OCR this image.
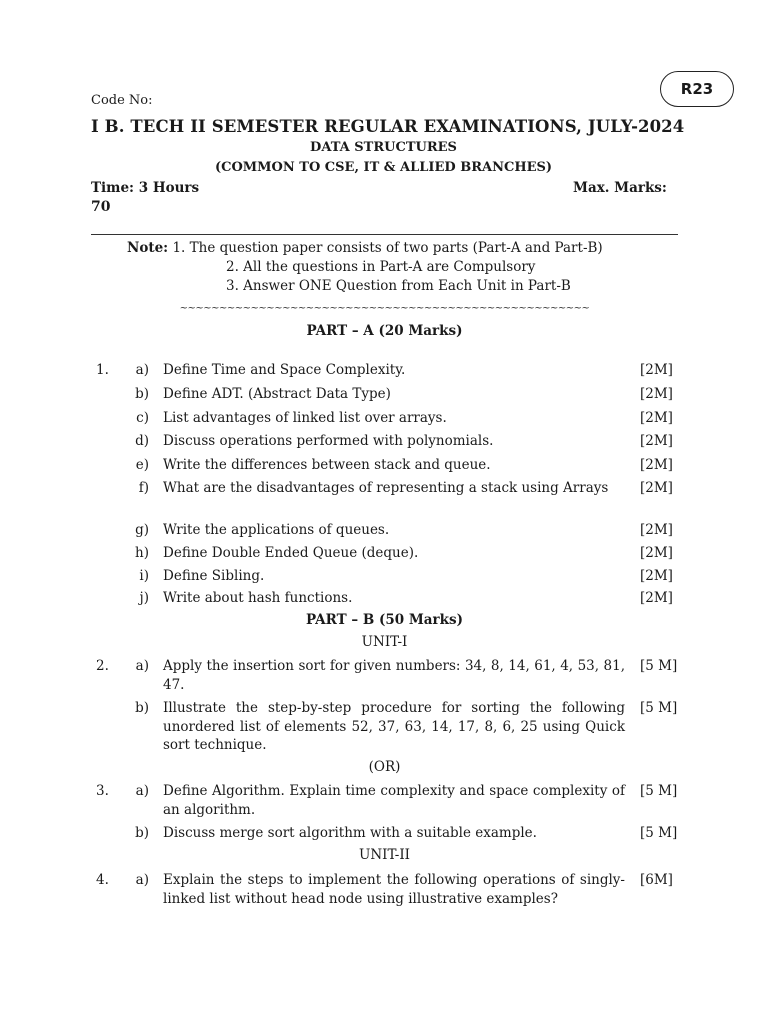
R23
Code No:
I B. TECH II SEMESTER REGULAR EXAMINATIONS, JULY-2024
DATA STRUCTURES
(COMMON TO CSE, IT & ALLIED BRANCHES)
Time: 3 Hours	Max. Marks:
70
Note: 1. The question paper consists of two parts (Part-A and Part-B)
2. All the questions in Part-A are Compulsory
3. Answer ONE Question from Each Unit in Part-B
~~~~~~~~~~~~~~~~~~~~~~~~~~~~~~~~~~~~~~~~~~~~~~~~~~~~
PART – A (20 Marks)
1.	a) Define Time and Space Complexity.	[2M]
b) Define ADT. (Abstract Data Type)	[2M]
c) List advantages of linked list over arrays.	[2M]
d) Discuss operations performed with polynomials.	[2M]
e) Write the differences between stack and queue.	[2M]
f) What are the disadvantages of representing a stack using Arrays	[2M]
g) Write the applications of queues.	[2M]
h) Define Double Ended Queue (deque).	[2M]
i) Define Sibling.	[2M]
j) Write about hash functions.	[2M]
PART – B (50 Marks)
UNIT-I
2.	a) Apply the insertion sort for given numbers: 34, 8, 14, 61, 4, 53, 81, 47.
[5 M]
b) Illustrate the step-by-step procedure for sorting the following unordered list of elements 52, 37, 63, 14, 17, 8, 6, 25 using Quick sort technique.
[5 M]
(OR)
3.	a) Define Algorithm. Explain time complexity and space complexity of an algorithm.
[5 M]
b) Discuss merge sort algorithm with a suitable example.	[5 M]
UNIT-II
4.	a) Explain the steps to implement the following operations of singly-linked list without head node using illustrative examples?
[6M]
